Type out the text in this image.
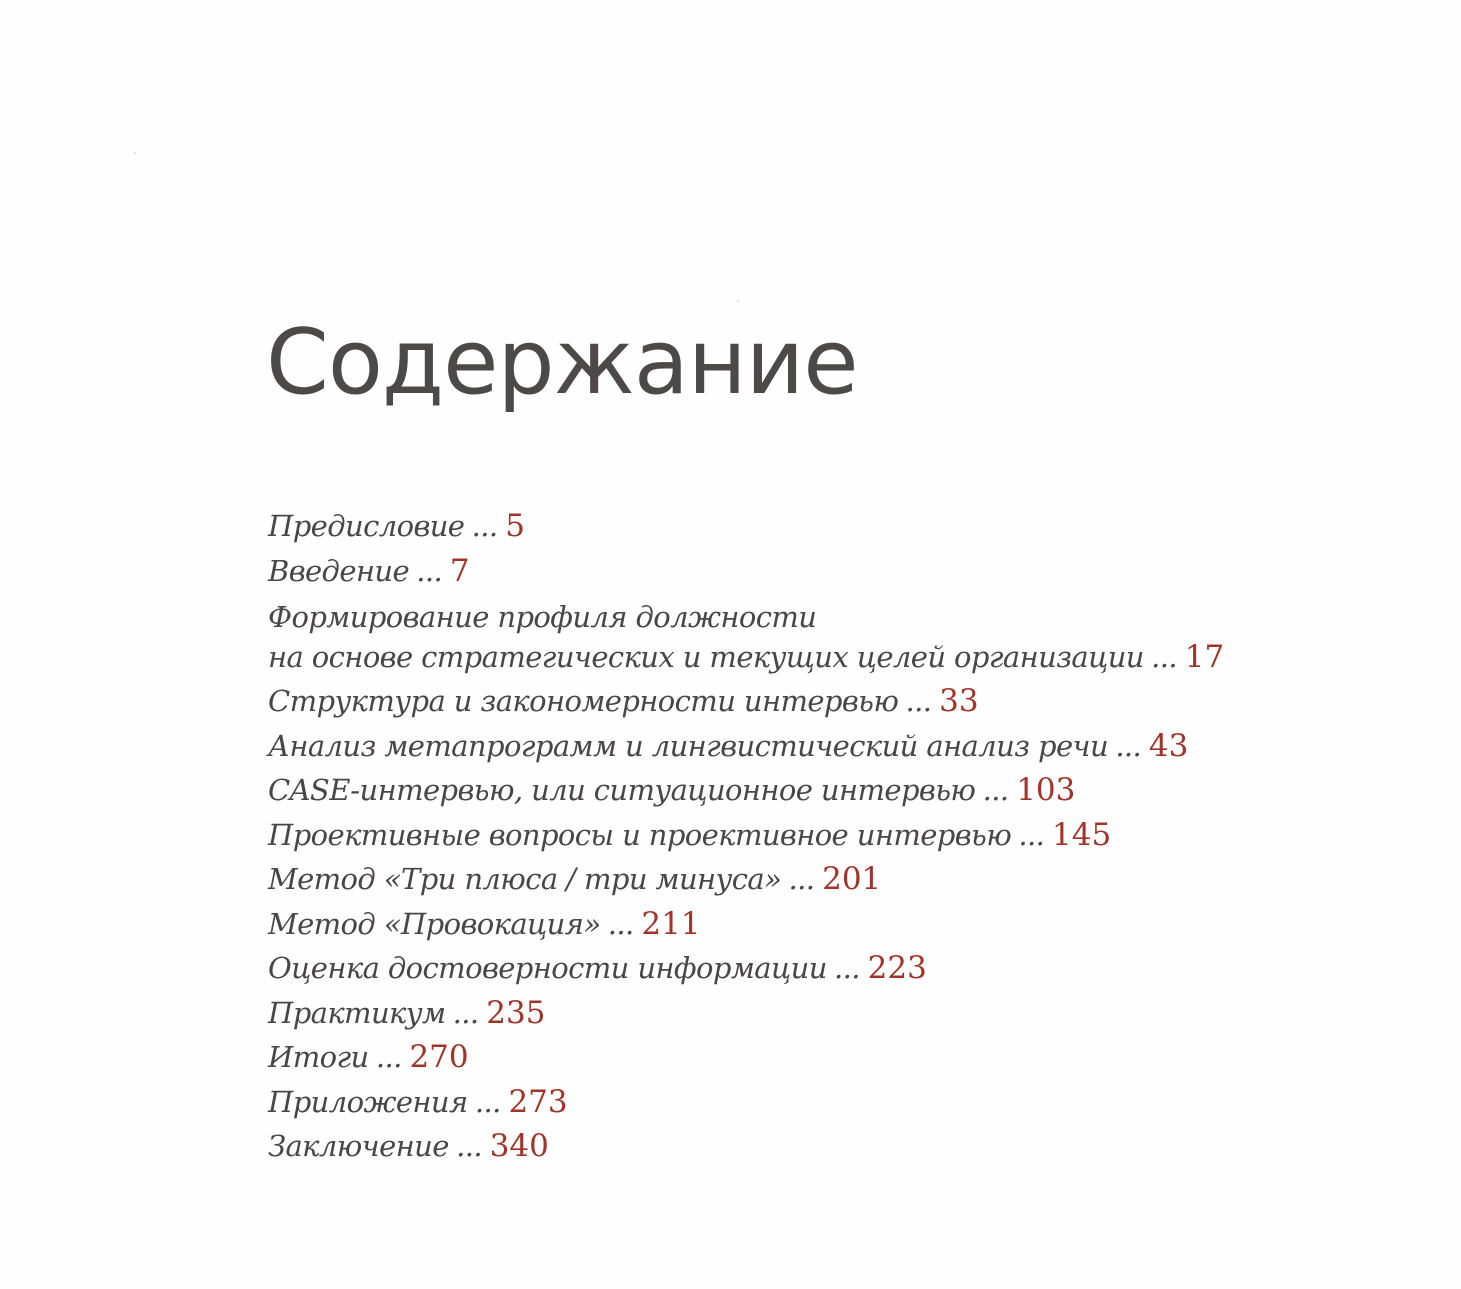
Содержание
Предисловие ... 5
Введение ... 7
Формирование профиля должности
на основе стратегических и текущих целей организации ... 17
Структура и закономерности интервью ... 33
Анализ метапрограмм и лингвистический анализ речи ... 43
CASE-интервью, или ситуационное интервью ... 103
Проективные вопросы и проективное интервью ... 145
Метод «Три плюса / три минуса» ... 201
Метод «Провокация» ... 211
Оценка достоверности информации ... 223
Практикум ... 235
Итоги ... 270
Приложения ... 273
Заключение ... 340
